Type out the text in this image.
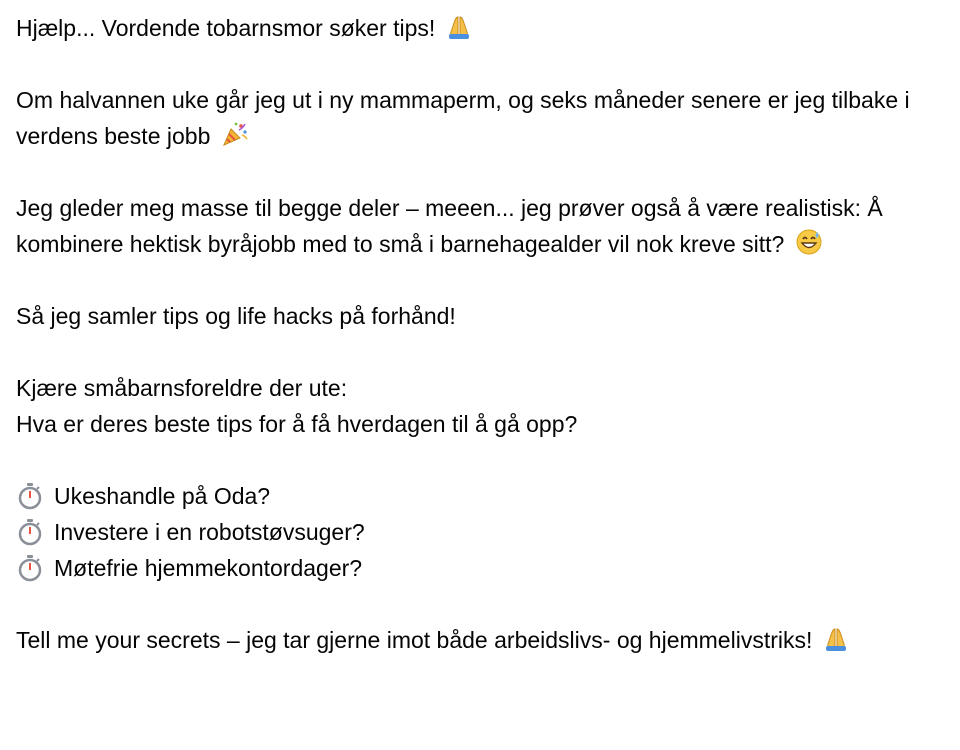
Hjælp... Vordende tobarnsmor søker tips!

Om halvannen uke går jeg ut i ny mammaperm, og seks måneder senere er jeg tilbake i verdens beste jobb

Jeg gleder meg masse til begge deler – meeen... jeg prøver også å være realistisk: Å kombinere hektisk byråjobb med to små i barnehagealder vil nok kreve sitt?

Så jeg samler tips og life hacks på forhånd!

Kjære småbarnsforeldre der ute:
Hva er deres beste tips for å få hverdagen til å gå opp?

Ukeshandle på Oda?
Investere i en robotstøvsuger?
Møtefrie hjemmekontordager?

Tell me your secrets – jeg tar gjerne imot både arbeidslivs- og hjemmelivstriks!
